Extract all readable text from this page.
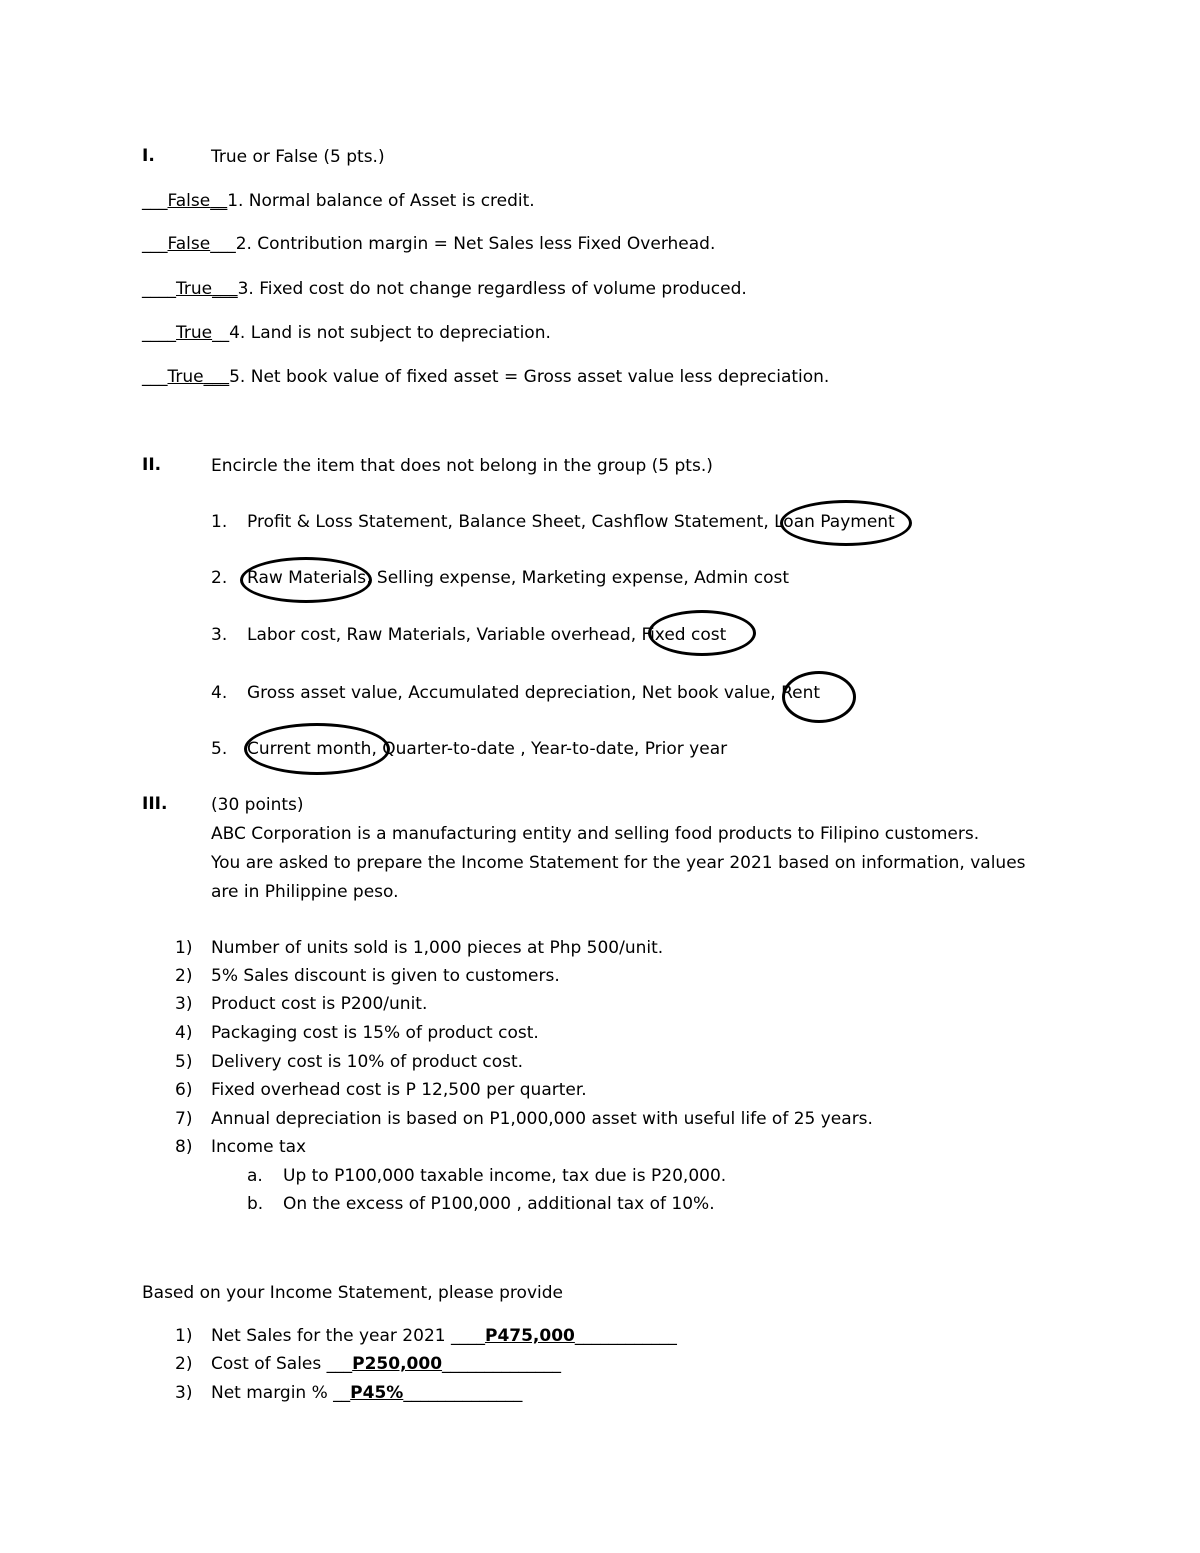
I.	True or False (5 pts.)
___False__1. Normal balance of Asset is credit.
___False___2. Contribution margin = Net Sales less Fixed Overhead.
____True___3. Fixed cost do not change regardless of volume produced.
____True__4. Land is not subject to depreciation.
___True___5. Net book value of fixed asset = Gross asset value less depreciation.
II.	Encircle the item that does not belong in the group (5 pts.)
1. Profit & Loss Statement, Balance Sheet, Cashflow Statement, Loan Payment
2. Raw Materials, Selling expense, Marketing expense, Admin cost
3. Labor cost, Raw Materials, Variable overhead, Fixed cost
4. Gross asset value, Accumulated depreciation, Net book value, Rent
5. Current month, Quarter-to-date , Year-to-date, Prior year
III.	(30 points)
ABC Corporation is a manufacturing entity and selling food products to Filipino customers.
You are asked to prepare the Income Statement for the year 2021 based on information, values
are in Philippine peso.
1) Number of units sold is 1,000 pieces at Php 500/unit.
2) 5% Sales discount is given to customers.
3) Product cost is P200/unit.
4) Packaging cost is 15% of product cost.
5) Delivery cost is 10% of product cost.
6) Fixed overhead cost is P 12,500 per quarter.
7) Annual depreciation is based on P1,000,000 asset with useful life of 25 years.
8) Income tax
a. Up to P100,000 taxable income, tax due is P20,000.
b. On the excess of P100,000 , additional tax of 10%.
Based on your Income Statement, please provide
1) Net Sales for the year 2021 ____P475,000____________
2) Cost of Sales ___P250,000______________
3) Net margin % __P45%______________
